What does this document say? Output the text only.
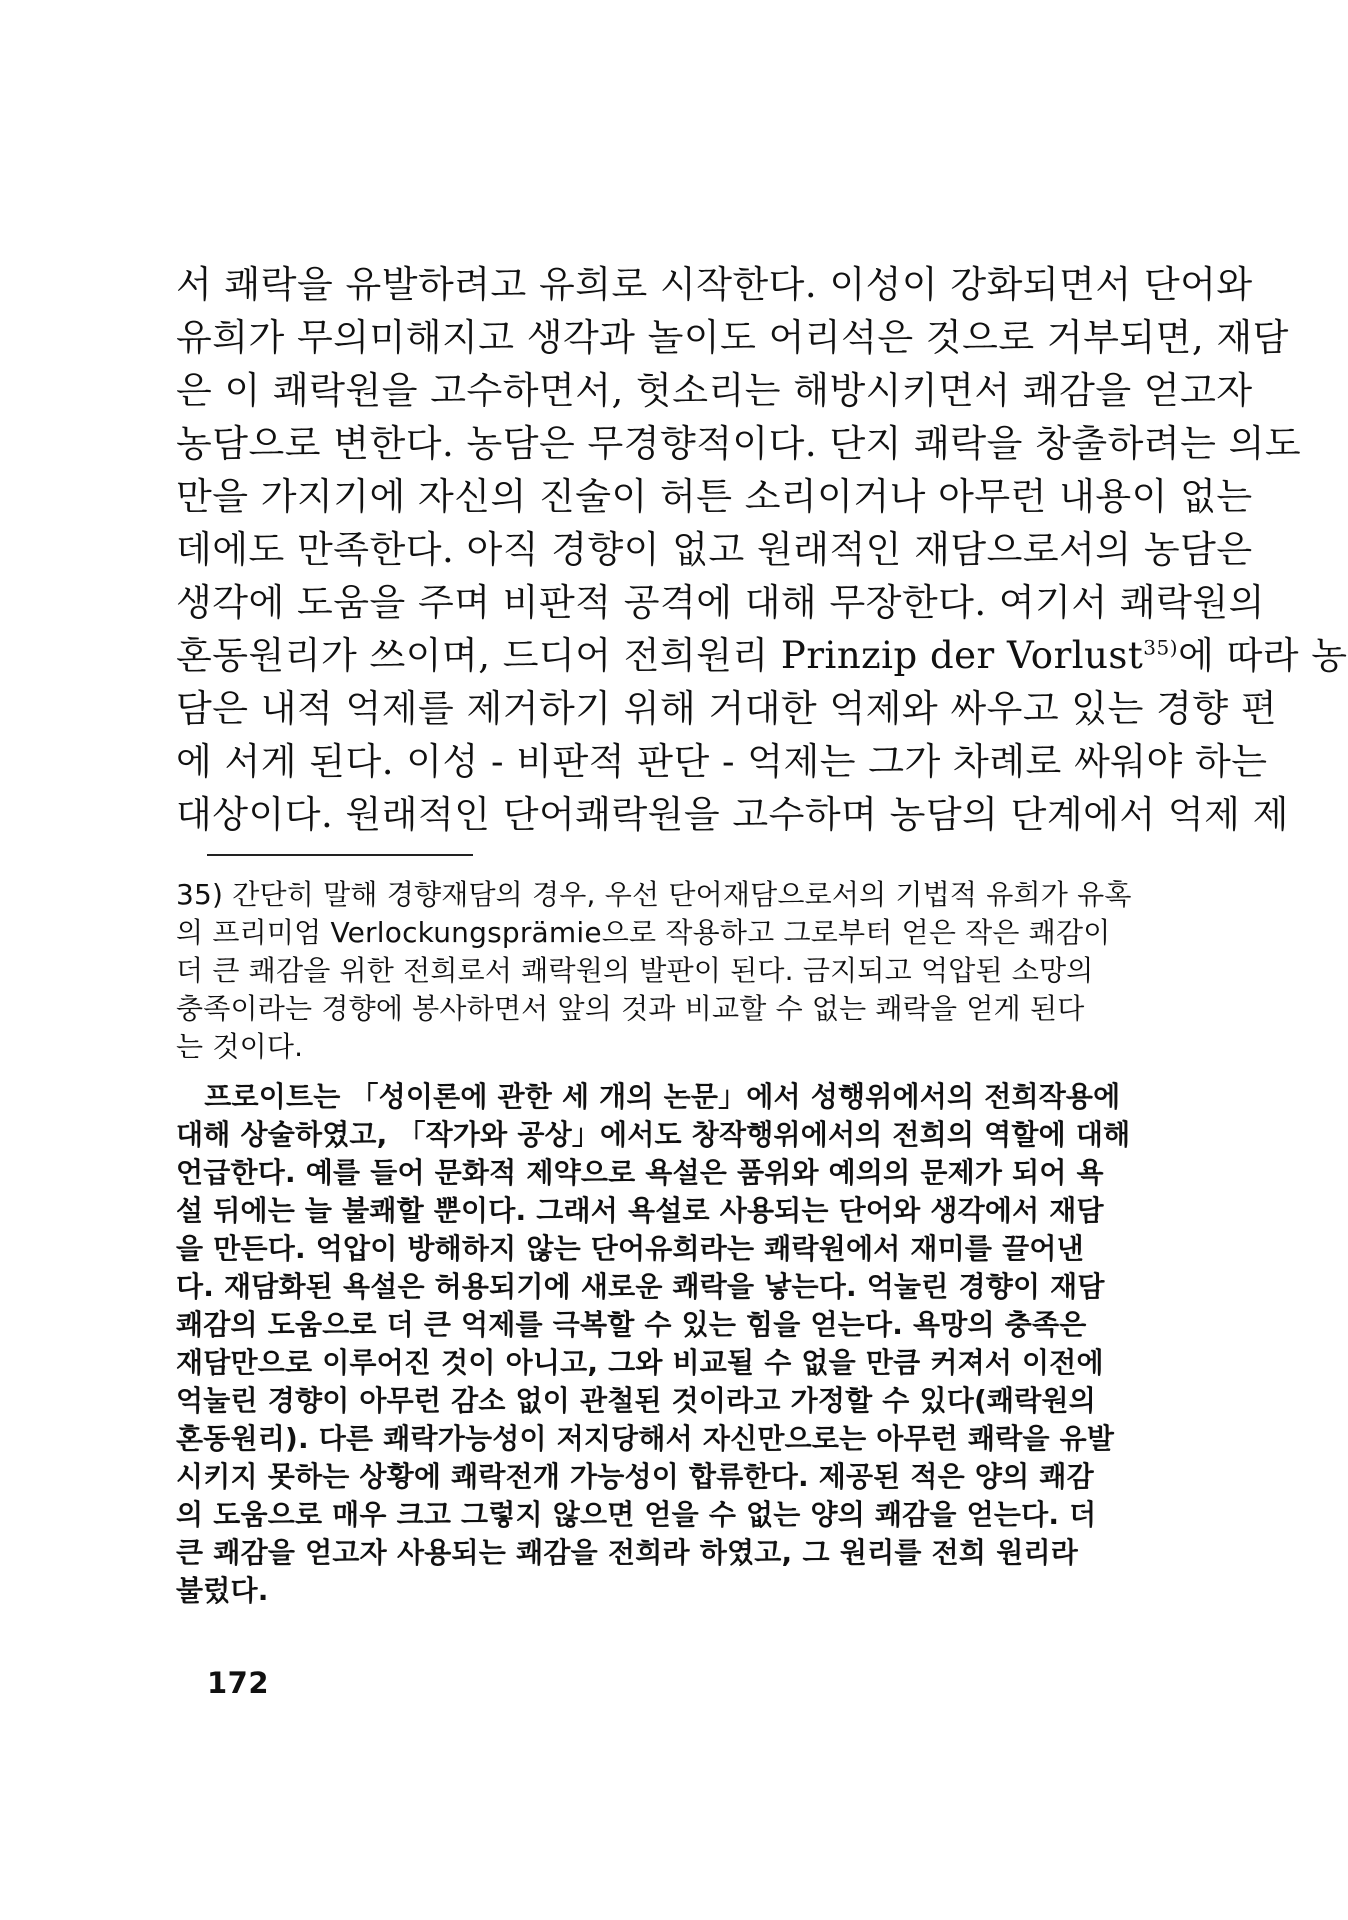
서 쾌락을 유발하려고 유희로 시작한다. 이성이 강화되면서 단어와
유희가 무의미해지고 생각과 놀이도 어리석은 것으로 거부되면, 재담
은 이 쾌락원을 고수하면서, 헛소리는 해방시키면서 쾌감을 얻고자
농담으로 변한다. 농담은 무경향적이다. 단지 쾌락을 창출하려는 의도
만을 가지기에 자신의 진술이 허튼 소리이거나 아무런 내용이 없는
데에도 만족한다. 아직 경향이 없고 원래적인 재담으로서의 농담은
생각에 도움을 주며 비판적 공격에 대해 무장한다. 여기서 쾌락원의
혼동원리가 쓰이며, 드디어 전희원리 Prinzip der Vorlust$^{35)}$에 따라 농
담은 내적 억제를 제거하기 위해 거대한 억제와 싸우고 있는 경향 편
에 서게 된다. 이성 - 비판적 판단 - 억제는 그가 차례로 싸워야 하는
대상이다. 원래적인 단어쾌락원을 고수하며 농담의 단계에서 억제 제
35) 간단히 말해 경향재담의 경우, 우선 단어재담으로서의 기법적 유희가 유혹
의 프리미엄 Verlockungsprämie으로 작용하고 그로부터 얻은 작은 쾌감이
더 큰 쾌감을 위한 전희로서 쾌락원의 발판이 된다. 금지되고 억압된 소망의
충족이라는 경향에 봉사하면서 앞의 것과 비교할 수 없는 쾌락을 얻게 된다
는 것이다.
　프로이트는 「성이론에 관한 세 개의 논문」에서 성행위에서의 전희작용에
대해 상술하였고, 「작가와 공상」에서도 창작행위에서의 전희의 역할에 대해
언급한다. 예를 들어 문화적 제약으로 욕설은 품위와 예의의 문제가 되어 욕
설 뒤에는 늘 불쾌할 뿐이다. 그래서 욕설로 사용되는 단어와 생각에서 재담
을 만든다. 억압이 방해하지 않는 단어유희라는 쾌락원에서 재미를 끌어낸
다. 재담화된 욕설은 허용되기에 새로운 쾌락을 낳는다. 억눌린 경향이 재담
쾌감의 도움으로 더 큰 억제를 극복할 수 있는 힘을 얻는다. 욕망의 충족은
재담만으로 이루어진 것이 아니고, 그와 비교될 수 없을 만큼 커져서 이전에
억눌린 경향이 아무런 감소 없이 관철된 것이라고 가정할 수 있다(쾌락원의
혼동원리). 다른 쾌락가능성이 저지당해서 자신만으로는 아무런 쾌락을 유발
시키지 못하는 상황에 쾌락전개 가능성이 합류한다. 제공된 적은 양의 쾌감
의 도움으로 매우 크고 그렇지 않으면 얻을 수 없는 양의 쾌감을 얻는다. 더
큰 쾌감을 얻고자 사용되는 쾌감을 전희라 하였고, 그 원리를 전희 원리라
불렀다.
172
